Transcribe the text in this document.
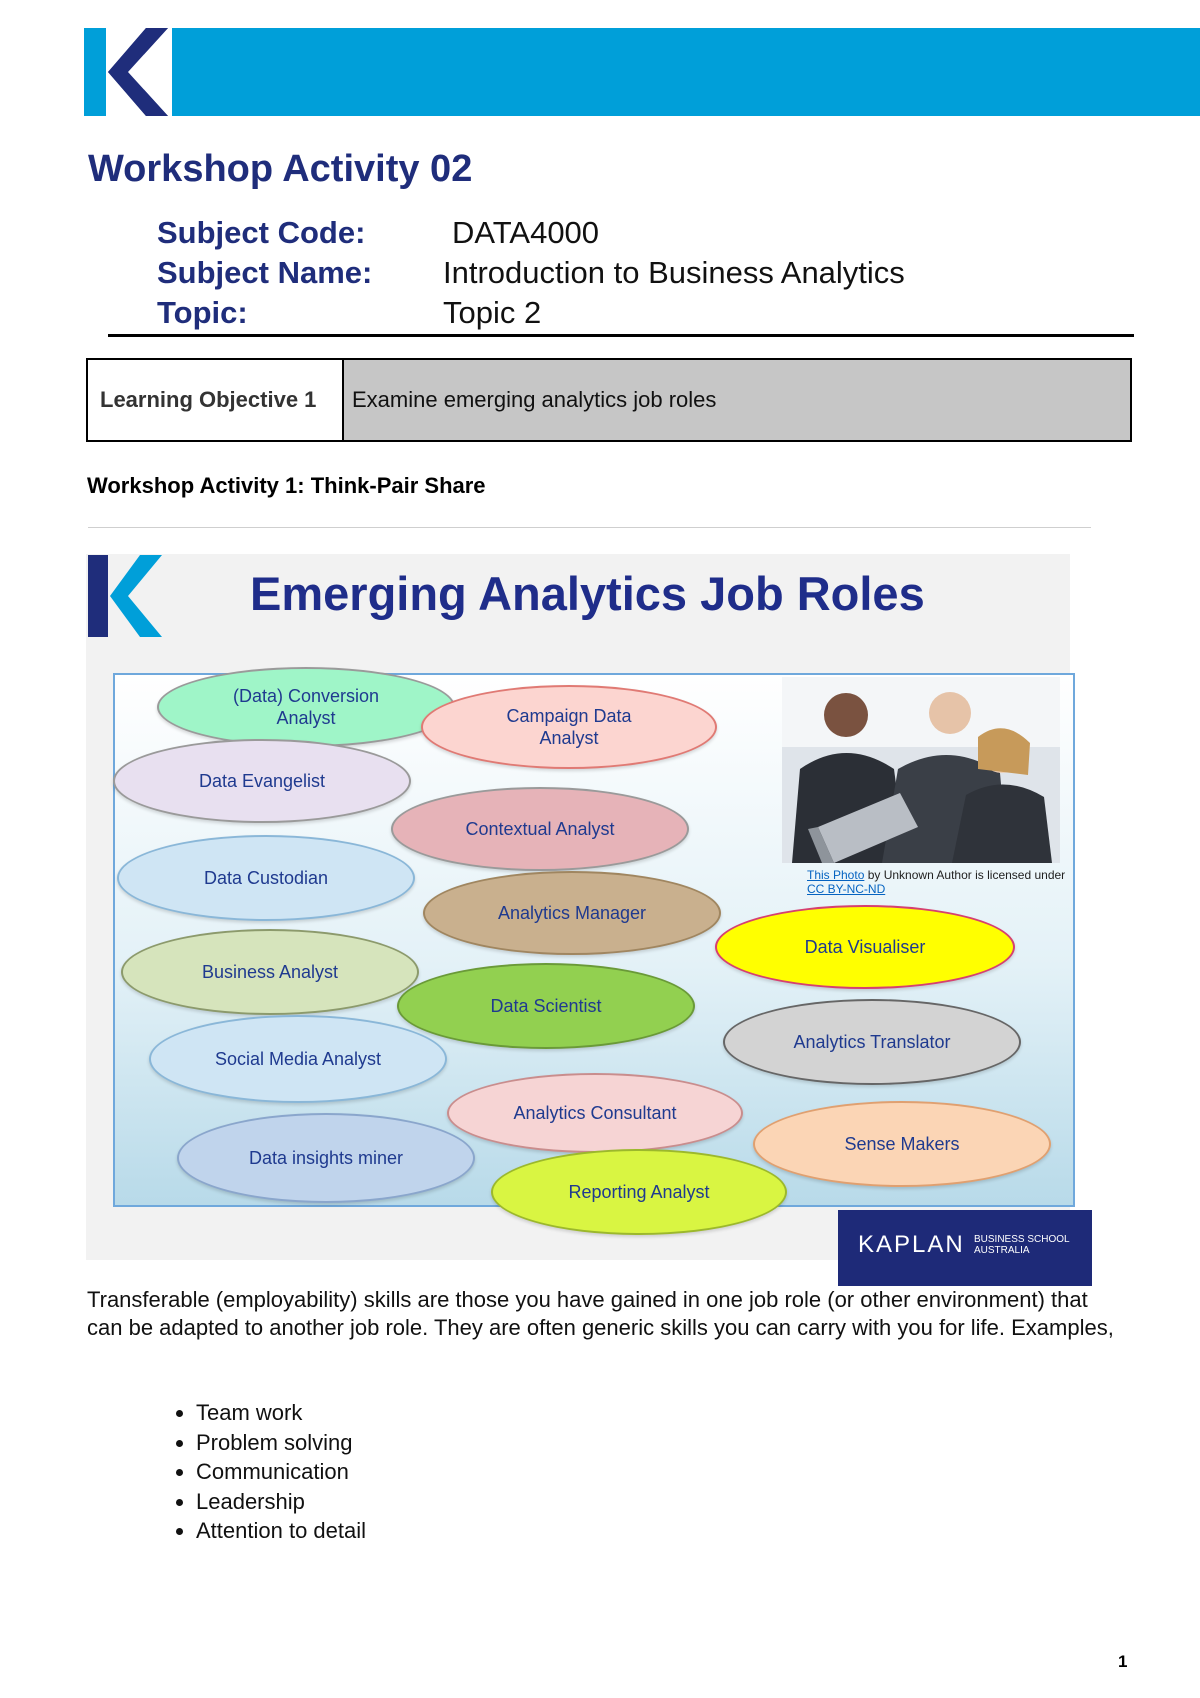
Workshop Activity 02
Subject Code:	DATA4000
Subject Name: Introduction to Business Analytics
Topic:	Topic 2
Learning Objective 1	Examine emerging analytics job roles
Workshop Activity 1: Think-Pair Share
Emerging Analytics Job Roles
(Data) Conversion Analyst	Campaign Data Analyst
Data Evangelist
Contextual Analyst
Data Custodian
Analytics Manager
Data Visualiser
Business Analyst
Data Scientist
Analytics Translator
Social Media Analyst
Analytics Consultant
Sense Makers
Data insights miner
Reporting Analyst
This Photo by Unknown Author is licensed under CC BY-NC-ND
KAPLAN BUSINESS SCHOOL
AUSTRALIA
Transferable (employability) skills are those you have gained in one job role (or other environment) that can be adapted to another job role. They are often generic skills you can carry with you for life. Examples,
• Team work
• Problem solving
• Communication
• Leadership
• Attention to detail
1
